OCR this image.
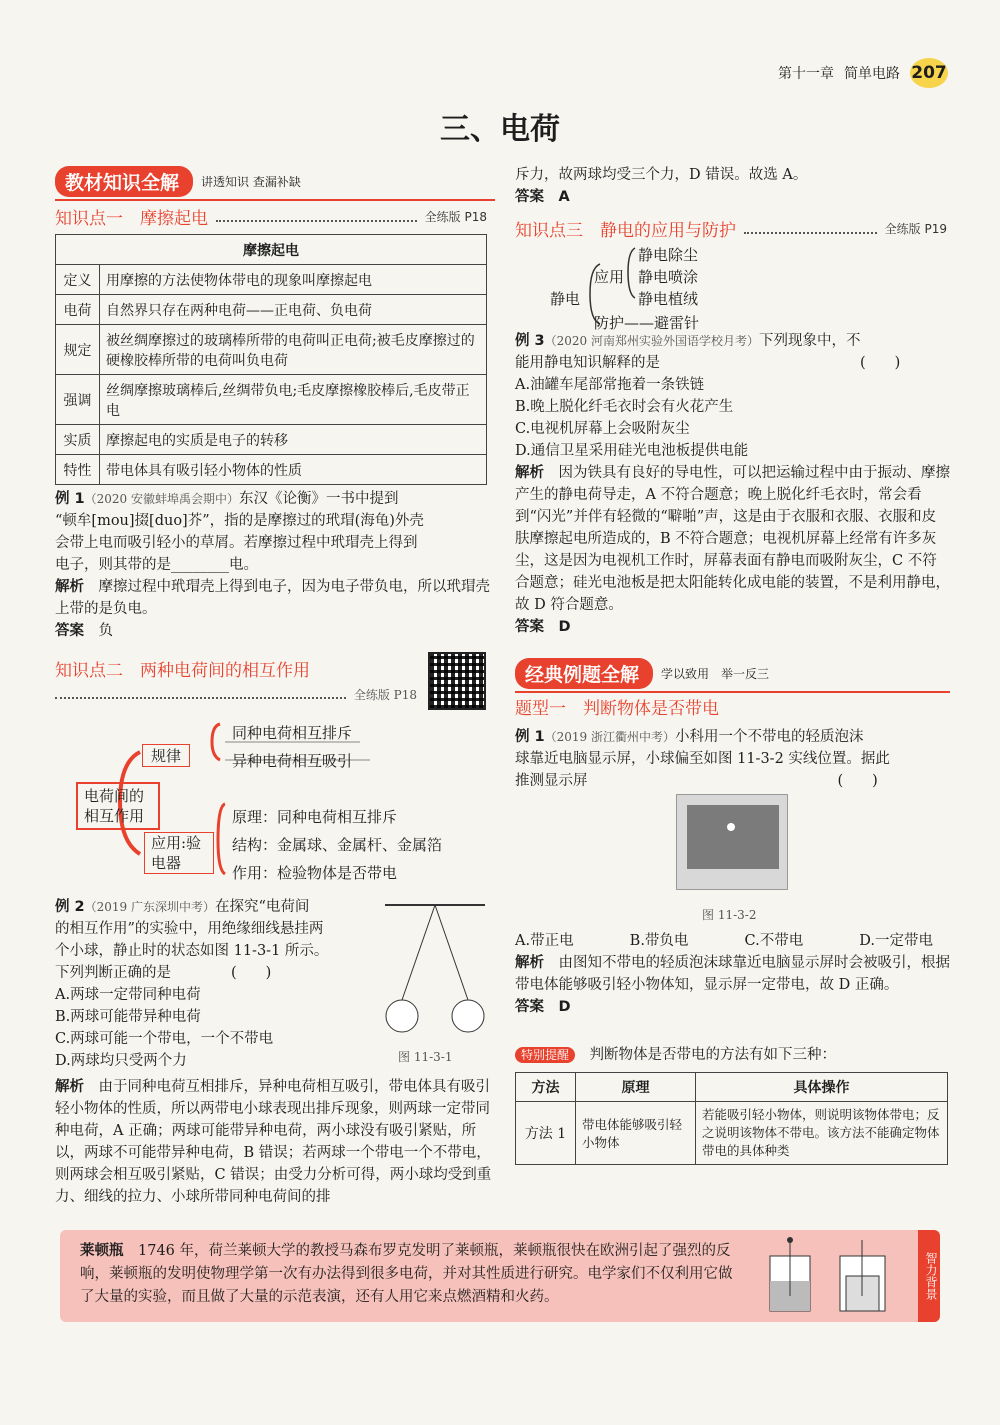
第十一章 简单电路 207
三、电荷
教材知识全解	讲透知识 查漏补缺
知识点一　摩擦起电	全练版 P18
摩擦起电	
定义	用摩擦的方法使物体带电的现象叫摩擦起电
电荷	自然界只存在两种电荷——正电荷、负电荷
规定	被丝绸摩擦过的玻璃棒所带的电荷叫正电荷;被毛皮摩擦过的硬橡胶棒所带的电荷叫负电荷
强调	丝绸摩擦玻璃棒后,丝绸带负电;毛皮摩擦橡胶棒后,毛皮带正电
实质	摩擦起电的实质是电子的转移
特性	带电体具有吸引轻小物体的性质
例 1（2020 安徽蚌埠禹会期中）东汉《论衡》一书中提到
“顿牟[mou]掇[duo]芥”，指的是摩擦过的玳瑁(海龟)外壳
会带上电而吸引轻小的草屑。若摩擦过程中玳瑁壳上得到
电子，则其带的是________电。
解析　 摩擦过程中玳瑁壳上得到电子，因为电子带负电，所以玳瑁壳上带的是负电。
答案　 负
知识点二　两种电荷间的相互作用
全练版 P18
电荷间的相互作用
规律
同种电荷相互排斥
异种电荷相互吸引
应用:验电器
原理：同种电荷相互排斥
结构：金属球、金属杆、金属箔
作用：检验物体是否带电
例 2（2019 广东深圳中考）在探究“电荷间
的相互作用”的实验中，用绝缘细线悬挂两
个小球，静止时的状态如图 11-3-1 所示。
下列判断正确的是	(　　)
A.两球一定带同种电荷
B.两球可能带异种电荷
C.两球可能一个带电，一个不带电
D.两球均只受两个力	图 11-3-1
解析　 由于同种电荷互相排斥，异种电荷相互吸引，带电体具有吸引轻小物体的性质，所以两带电小球表现出排斥现象，则两球一定带同种电荷，A 正确；两球可能带异种电荷，两小球没有吸引紧贴，所以，两球不可能带异种电荷，B 错误；若两球一个带电一个不带电，则两球会相互吸引紧贴，C 错误；由受力分析可得，两小球均受到重力、细线的拉力、小球所带同种电荷间的排
斥力，故两球均受三个力，D 错误。故选 A。
答案　 A
知识点三　静电的应用与防护	全练版 P19
静电
应用
静电除尘
静电喷涂
静电植绒
防护——避雷针
例 3（2020 河南郑州实验外国语学校月考）下列现象中，不
能用静电知识解释的是	(　　)
A.油罐车尾部常拖着一条铁链
B.晚上脱化纤毛衣时会有火花产生
C.电视机屏幕上会吸附灰尘
D.通信卫星采用硅光电池板提供电能
解析　 因为铁具有良好的导电性，可以把运输过程中由于振动、摩擦产生的静电荷导走，A 不符合题意；晚上脱化纤毛衣时，常会看到“闪光”并伴有轻微的“噼啪”声，这是由于衣服和衣服、衣服和皮肤摩擦起电所造成的，B 不符合题意；电视机屏幕上经常有许多灰尘，这是因为电视机工作时，屏幕表面有静电而吸附灰尘，C 不符合题意；硅光电池板是把太阳能转化成电能的装置，不是利用静电，故 D 符合题意。
答案　 D
经典例题全解	学以致用　举一反三
题型一　判断物体是否带电
例 1（2019 浙江衢州中考）小科用一个不带电的轻质泡沫
球靠近电脑显示屏，小球偏至如图 11-3-2 实线位置。据此
推测显示屏	(　　)
图 11-3-2
A.带正电	B.带负电	C.不带电	D.一定带电
解析　 由图知不带电的轻质泡沫球靠近电脑显示屏时会被吸引，根据带电体能够吸引轻小物体知，显示屏一定带电，故 D 正确。
答案　 D
特别提醒　 判断物体是否带电的方法有如下三种：
方法	原理	具体操作
方法 1	带电体能够吸引轻小物体	若能吸引轻小物体，则说明该物体带电；反之说明该物体不带电。该方法不能确定物体带电的具体种类
莱顿瓶　 1746 年，荷兰莱顿大学的教授马森布罗克发明了莱顿瓶，莱顿瓶很快在欧洲引起了强烈的反响，莱顿瓶的发明使物理学第一次有办法得到很多电荷，并对其性质进行研究。电学家们不仅利用它做了大量的实验，而且做了大量的示范表演，还有人用它来点燃酒精和火药。	智力背景
